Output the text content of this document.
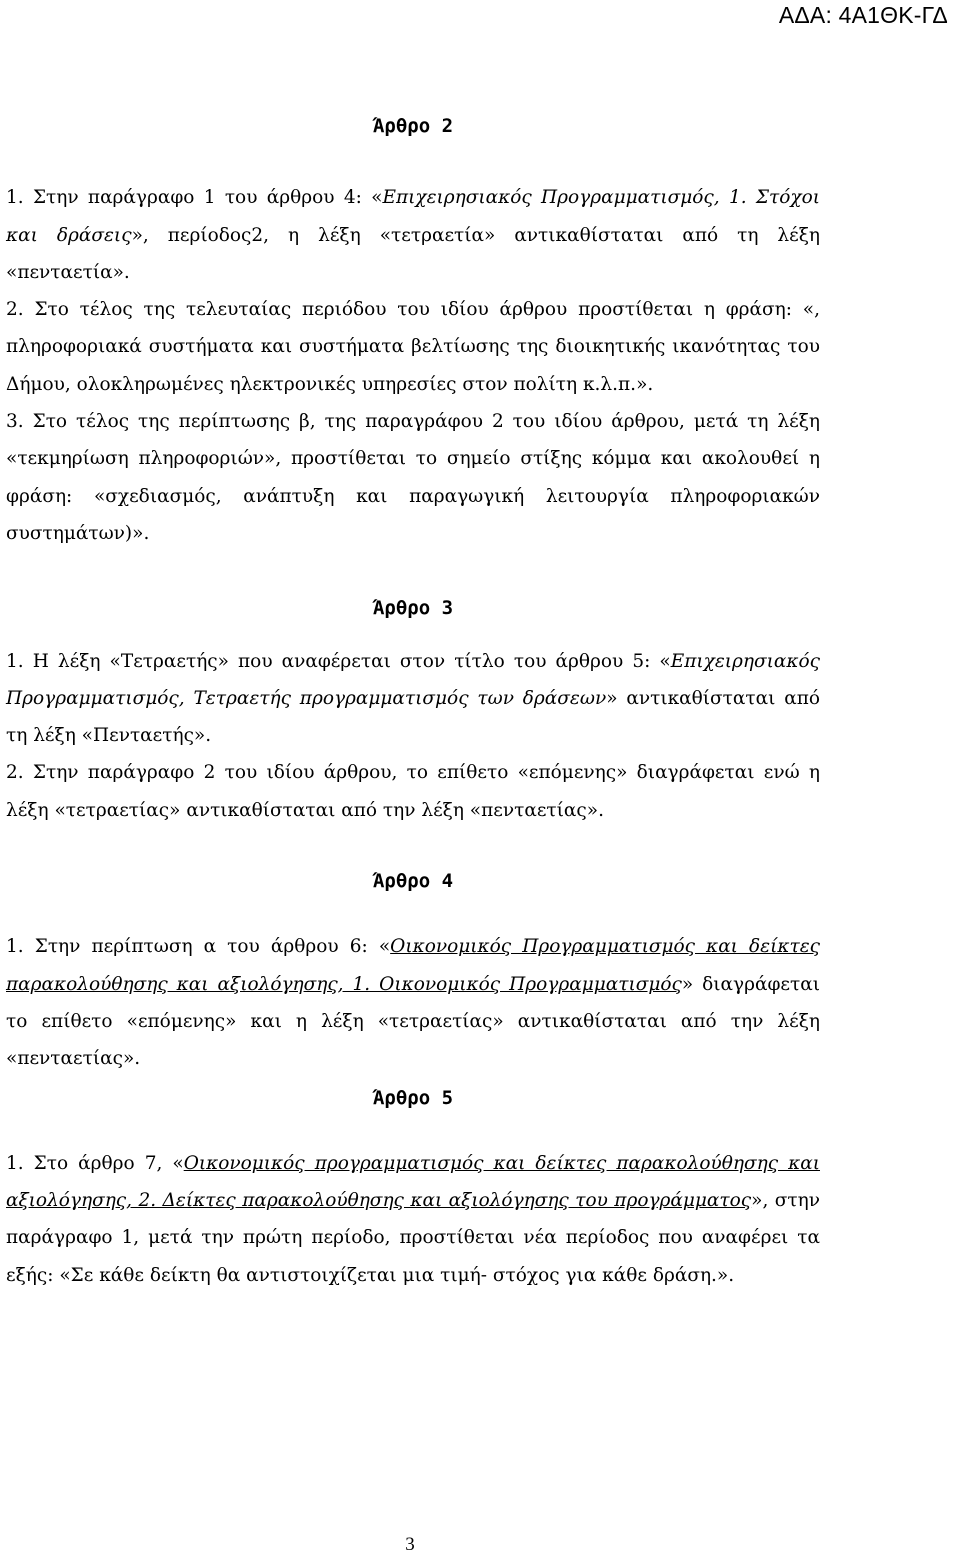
ΑΔΑ: 4Α1ΘΚ-ΓΔ

Άρθρο 2

1. Στην παράγραφο 1 του άρθρου 4: «Επιχειρησιακός Προγραμματισμός, 1. Στόχοι και δράσεις», περίοδος2, η λέξη «τετραετία» αντικαθίσταται από τη λέξη «πενταετία».

2. Στο τέλος της τελευταίας περιόδου του ιδίου άρθρου προστίθεται η φράση: «, πληροφοριακά συστήματα και συστήματα βελτίωσης της διοικητικής ικανότητας του Δήμου, ολοκληρωμένες ηλεκτρονικές υπηρεσίες στον πολίτη κ.λ.π.».

3. Στο τέλος της περίπτωσης β, της παραγράφου 2 του ιδίου άρθρου, μετά τη λέξη «τεκμηρίωση πληροφοριών», προστίθεται το σημείο στίξης κόμμα και ακολουθεί η φράση: «σχεδιασμός, ανάπτυξη και παραγωγική λειτουργία πληροφοριακών συστημάτων)».

Άρθρο 3

1. Η λέξη «Τετραετής» που αναφέρεται στον τίτλο του άρθρου 5: «Επιχειρησιακός Προγραμματισμός, Τετραετής προγραμματισμός των δράσεων» αντικαθίσταται από τη λέξη «Πενταετής».

2. Στην παράγραφο 2 του ιδίου άρθρου, το επίθετο «επόμενης» διαγράφεται ενώ η λέξη «τετραετίας» αντικαθίσταται από την λέξη «πενταετίας».

Άρθρο 4

1. Στην περίπτωση α του άρθρου 6: «Οικονομικός Προγραμματισμός και δείκτες παρακολούθησης και αξιολόγησης, 1. Οικονομικός Προγραμματισμός» διαγράφεται το επίθετο «επόμενης» και η λέξη «τετραετίας» αντικαθίσταται από την λέξη «πενταετίας».

Άρθρο 5

1. Στο άρθρο 7, «Οικονομικός προγραμματισμός και δείκτες παρακολούθησης και αξιολόγησης, 2. Δείκτες παρακολούθησης και αξιολόγησης του προγράμματος», στην παράγραφο 1, μετά την πρώτη περίοδο, προστίθεται νέα περίοδος που αναφέρει τα εξής: «Σε κάθε δείκτη θα αντιστοιχίζεται μια τιμή- στόχος για κάθε δράση.».

3
